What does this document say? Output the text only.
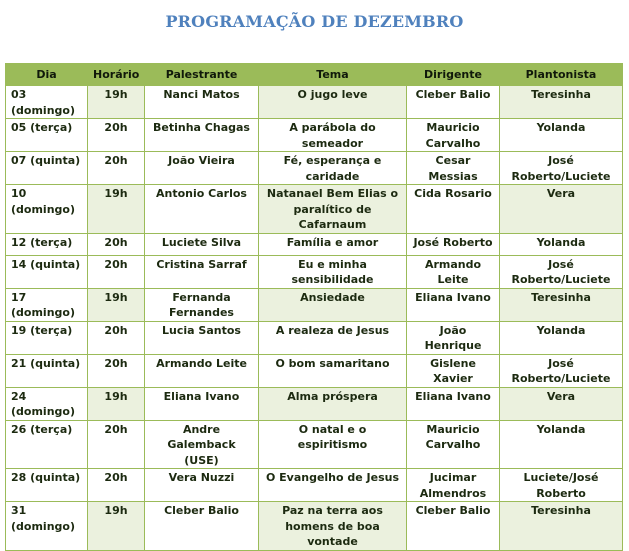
PROGRAMAÇÃO DE DEZEMBRO
Dia	Horário	Palestrante	Tema	Dirigente	Plantonista
03 (domingo)	19h	Nanci Matos	O jugo leve	Cleber Balio	Teresinha
05 (terça)	20h	Betinha Chagas	A parábola do semeador	Mauricio Carvalho	Yolanda
07 (quinta)	20h	João Vieira	Fé, esperança e caridade	Cesar Messias	José Roberto/Luciete
10 (domingo)	19h	Antonio Carlos	Natanael Bem Elias o paralítico de Cafarnaum	Cida Rosario	Vera
12 (terça)	20h	Luciete Silva	Família e amor	José Roberto	Yolanda
14 (quinta)	20h	Cristina Sarraf	Eu e minha sensibilidade	Armando Leite	José Roberto/Luciete
17 (domingo)	19h	Fernanda Fernandes	Ansiedade	Eliana Ivano	Teresinha
19 (terça)	20h	Lucia Santos	A realeza de Jesus	João Henrique	Yolanda
21 (quinta)	20h	Armando Leite	O bom samaritano	Gislene Xavier	José Roberto/Luciete
24 (domingo)	19h	Eliana Ivano	Alma próspera	Eliana Ivano	Vera
26 (terça)	20h	Andre Galemback (USE)	O natal e o espiritismo	Mauricio Carvalho	Yolanda
28 (quinta)	20h	Vera Nuzzi	O Evangelho de Jesus	Jucimar Almendros	Luciete/José Roberto
31 (domingo)	19h	Cleber Balio	Paz na terra aos homens de boa vontade	Cleber Balio	Teresinha
